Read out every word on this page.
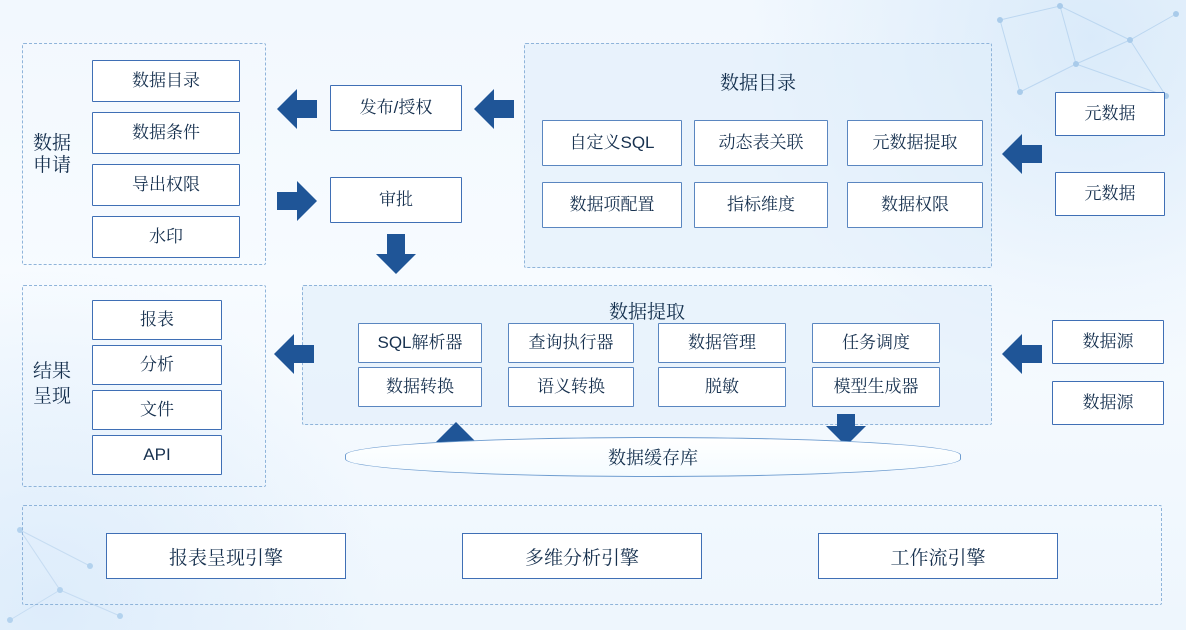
数据申请
数据目录
数据条件
导出权限
水印
结果呈现
报表
分析
文件
API
发布/授权
审批
数据目录
自定义SQL	动态表关联	元数据提取
数据项配置	指标维度	数据权限
数据提取
SQL解析器	查询执行器	数据管理	任务调度
数据转换	语义转换	脱敏	模型生成器
数据缓存库
元数据
元数据
数据源
数据源
报表呈现引擎	多维分析引擎	工作流引擎
